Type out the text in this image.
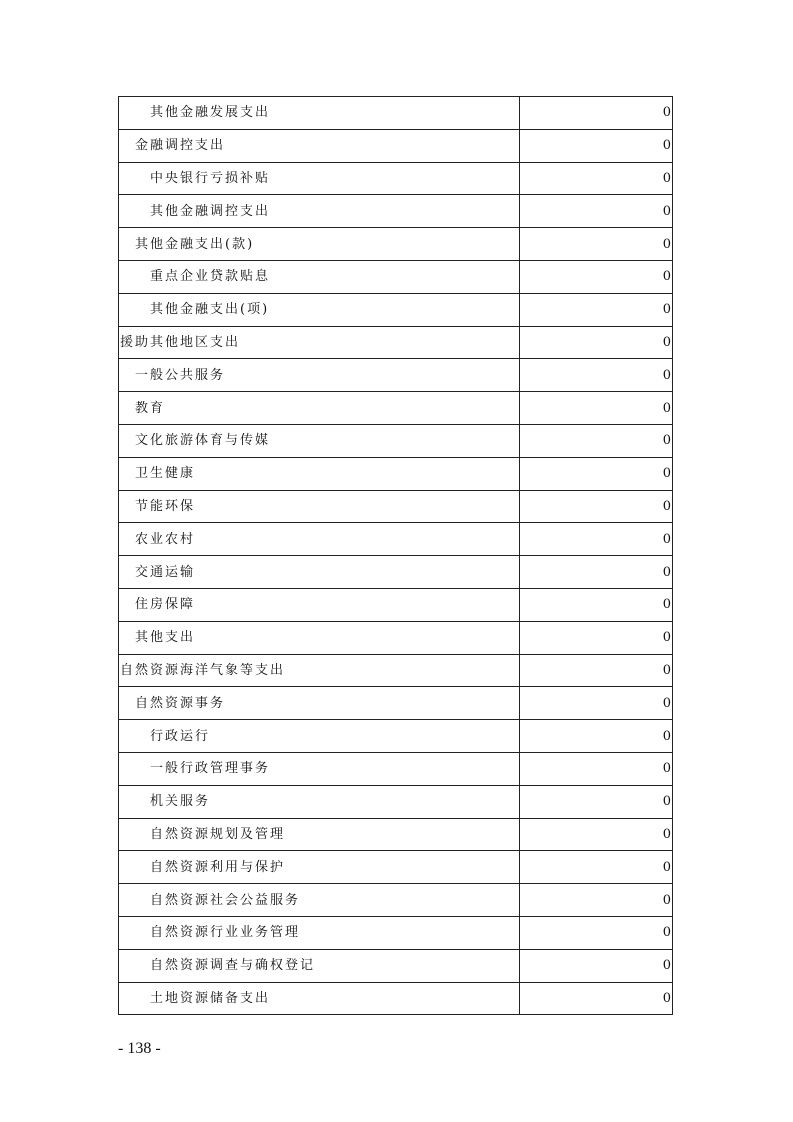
其他金融发展支出	0
金融调控支出	0
中央银行亏损补贴	0
其他金融调控支出	0
其他金融支出(款)	0
重点企业贷款贴息	0
其他金融支出(项)	0
援助其他地区支出	0
一般公共服务	0
教育	0
文化旅游体育与传媒	0
卫生健康	0
节能环保	0
农业农村	0
交通运输	0
住房保障	0
其他支出	0
自然资源海洋气象等支出	0
自然资源事务	0
行政运行	0
一般行政管理事务	0
机关服务	0
自然资源规划及管理	0
自然资源利用与保护	0
自然资源社会公益服务	0
自然资源行业业务管理	0
自然资源调查与确权登记	0
土地资源储备支出	0
- 138 -
